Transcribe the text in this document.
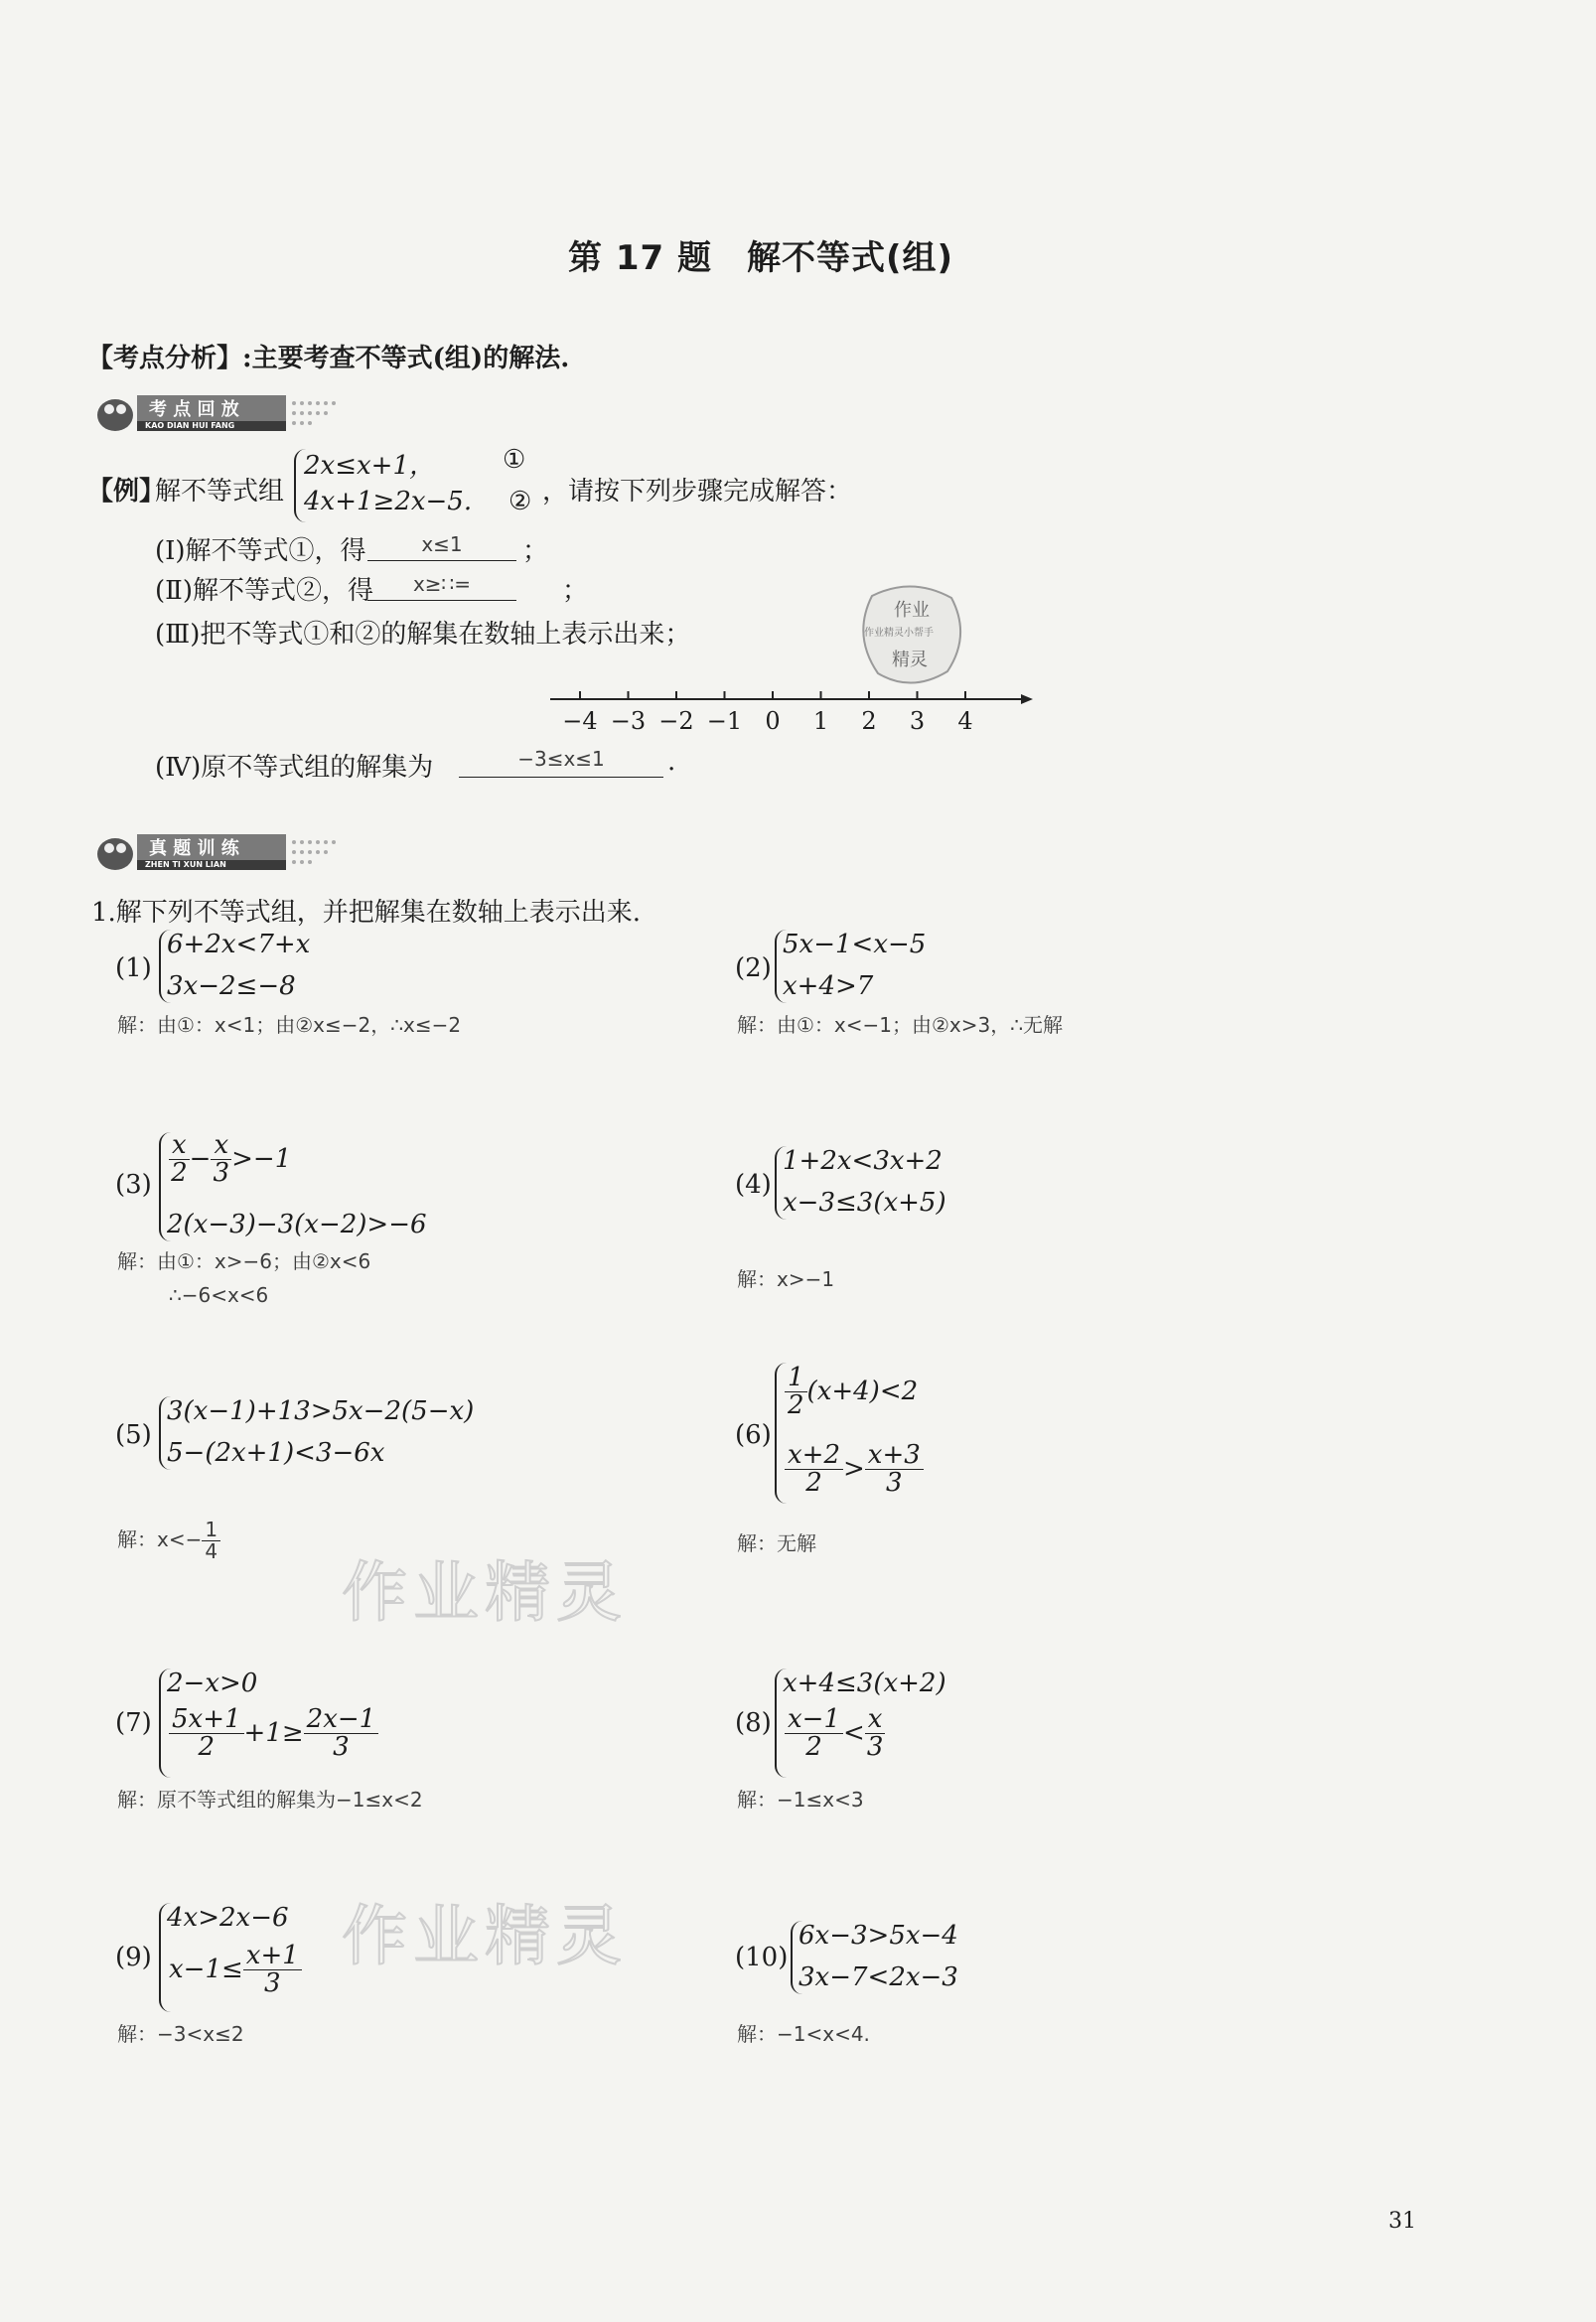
第 17 题　解不等式(组)
【考点分析】:主要考查不等式(组)的解法.
考 点 回 放
KAO DIAN HUI FANG
【例】
解不等式组
2x≤x+1，	①
4x+1≥2x−5. ② ，请按下列步骤完成解答：
(Ⅰ)解不等式①，得	x≤1	；
(Ⅱ)解不等式②，得	x≥∷=	；
(Ⅲ)把不等式①和②的解集在数轴上表示出来；
作业
作业精灵小帮手
精灵
−4 −3 −2 −1 0 1 2 3 4
(Ⅳ)原不等式组的解集为	−3≤x≤1	.
真 题 训 练
ZHEN TI XUN LIAN
1.解下列不等式组，并把解集在数轴上表示出来.
(1)
6+2x<7+x
3x−2≤−8
解：由①：x<1；由②x≤−2，∴x≤−2
(2)
5x−1<x−5
x+4>7
解：由①：x<−1；由②x>3，∴无解
$(3) \frac{x}{2} - \frac{x}{3} >-1$
2(x−3)−3(x−2)>−6
解：由①：x>−6；由②x<6
∴−6<x<6
(4)
1+2x<3x+2
x−3≤3(x+5)
解：x>−1
(5)
3(x−1)+13>5x−2(5−x)
5−(2x+1)<3−6x
解：$x<- \frac{1}{4}$
(6)
$\frac{1}{2} (x+4)<2$
$\frac{x+2}{2} > \frac{x+3}{3}$
解：无解
作业精灵
(7)
2−x>0
$\frac{5x+1}{2} +1\ge \frac{2x-1}{3}$
解：原不等式组的解集为−1≤x<2
(8)
x+4≤3(x+2)
$\frac{x-1}{2} < \frac{x}{3}$
解：−1≤x<3
作业精灵
(9)
4x>2x−6
$x-1\le \frac{x+1}{3}$
解：−3<x≤2
(10)
6x−3>5x−4
3x−7<2x−3
解：−1<x<4.
31
